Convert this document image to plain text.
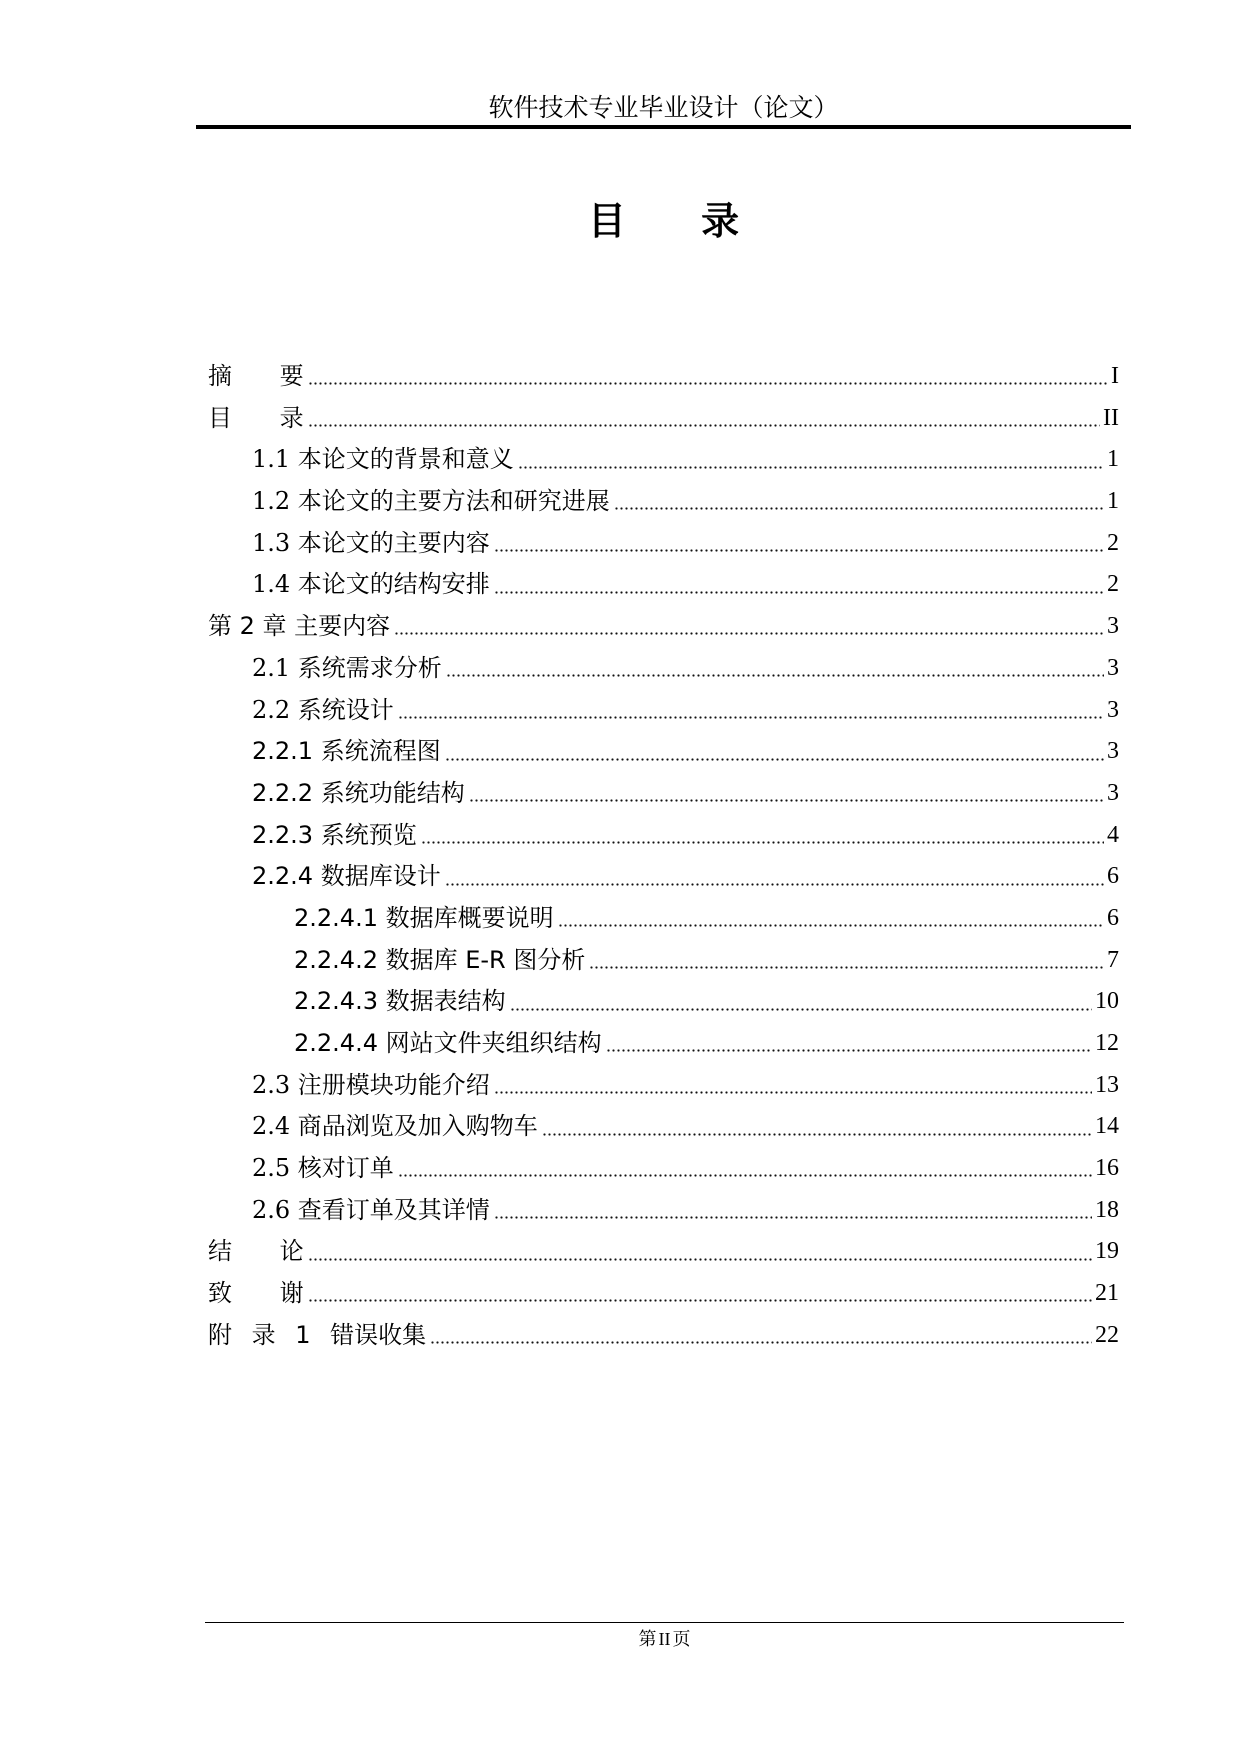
软件技术专业毕业设计（论文）
目 录
摘 要	I
目 录	II
1.1 本论文的背景和意义	1
1.2 本论文的主要方法和研究进展	1
1.3 本论文的主要内容	2
1.4 本论文的结构安排	2
第 2 章 主要内容	3
2.1 系统需求分析	3
2.2 系统设计	3
2.2.1 系统流程图	3
2.2.2 系统功能结构	3
2.2.3 系统预览	4
2.2.4 数据库设计	6
2.2.4.1 数据库概要说明	6
2.2.4.2 数据库 E-R 图分析	7
2.2.4.3 数据表结构	10
2.2.4.4 网站文件夹组织结构	12
2.3 注册模块功能介绍	13
2.4 商品浏览及加入购物车	14
2.5 核对订单	16
2.6 查看订单及其详情	18
结 论	19
致 谢	21
附 录 1 错误收集	22
第 II 页
